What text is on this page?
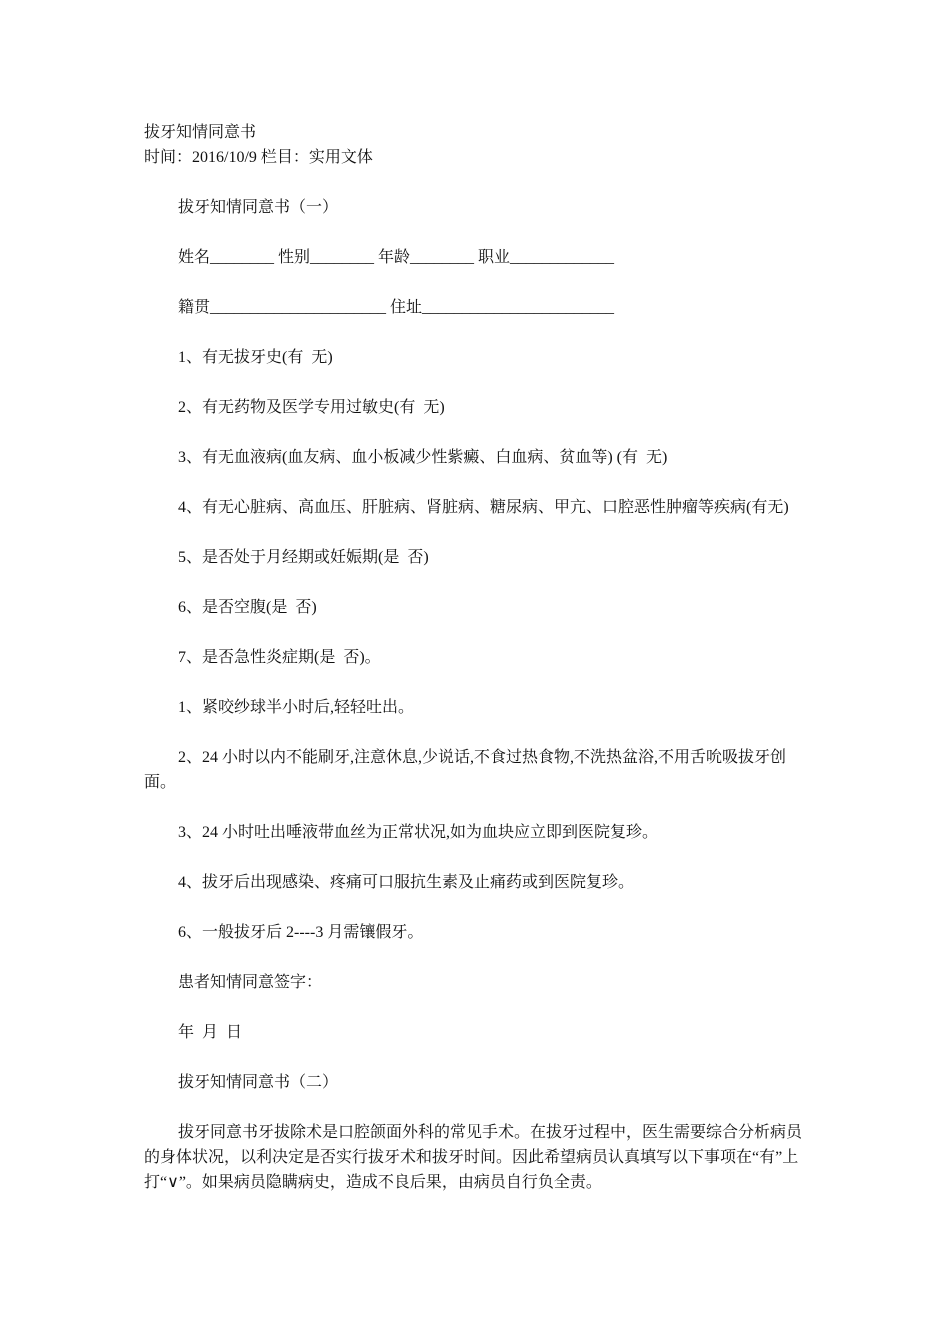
拔牙知情同意书

时间：2016/10/9 栏目：实用文体

拔牙知情同意书（一）

姓名________ 性别________ 年龄________ 职业_____________

籍贯______________________ 住址________________________

1、有无拔牙史(有  无)

2、有无药物及医学专用过敏史(有  无)

3、有无血液病(血友病、血小板减少性紫癜、白血病、贫血等) (有  无)

4、有无心脏病、高血压、肝脏病、肾脏病、糖尿病、甲亢、口腔恶性肿瘤等疾病(有无)

5、是否处于月经期或妊娠期(是  否)

6、是否空腹(是  否)

7、是否急性炎症期(是  否)。

1、紧咬纱球半小时后,轻轻吐出。

2、24 小时以内不能刷牙,注意休息,少说话,不食过热食物,不洗热盆浴,不用舌吮吸拔牙创面。

3、24 小时吐出唾液带血丝为正常状况,如为血块应立即到医院复珍。

4、拔牙后出现感染、疼痛可口服抗生素及止痛药或到医院复珍。

6、一般拔牙后 2----3 月需镶假牙。

患者知情同意签字：

年  月  日

拔牙知情同意书（二）

拔牙同意书牙拔除术是口腔颌面外科的常见手术。在拔牙过程中，医生需要综合分析病员的身体状况，以利决定是否实行拔牙术和拔牙时间。因此希望病员认真填写以下事项在“有”上打“∨”。如果病员隐瞒病史，造成不良后果，由病员自行负全责。
